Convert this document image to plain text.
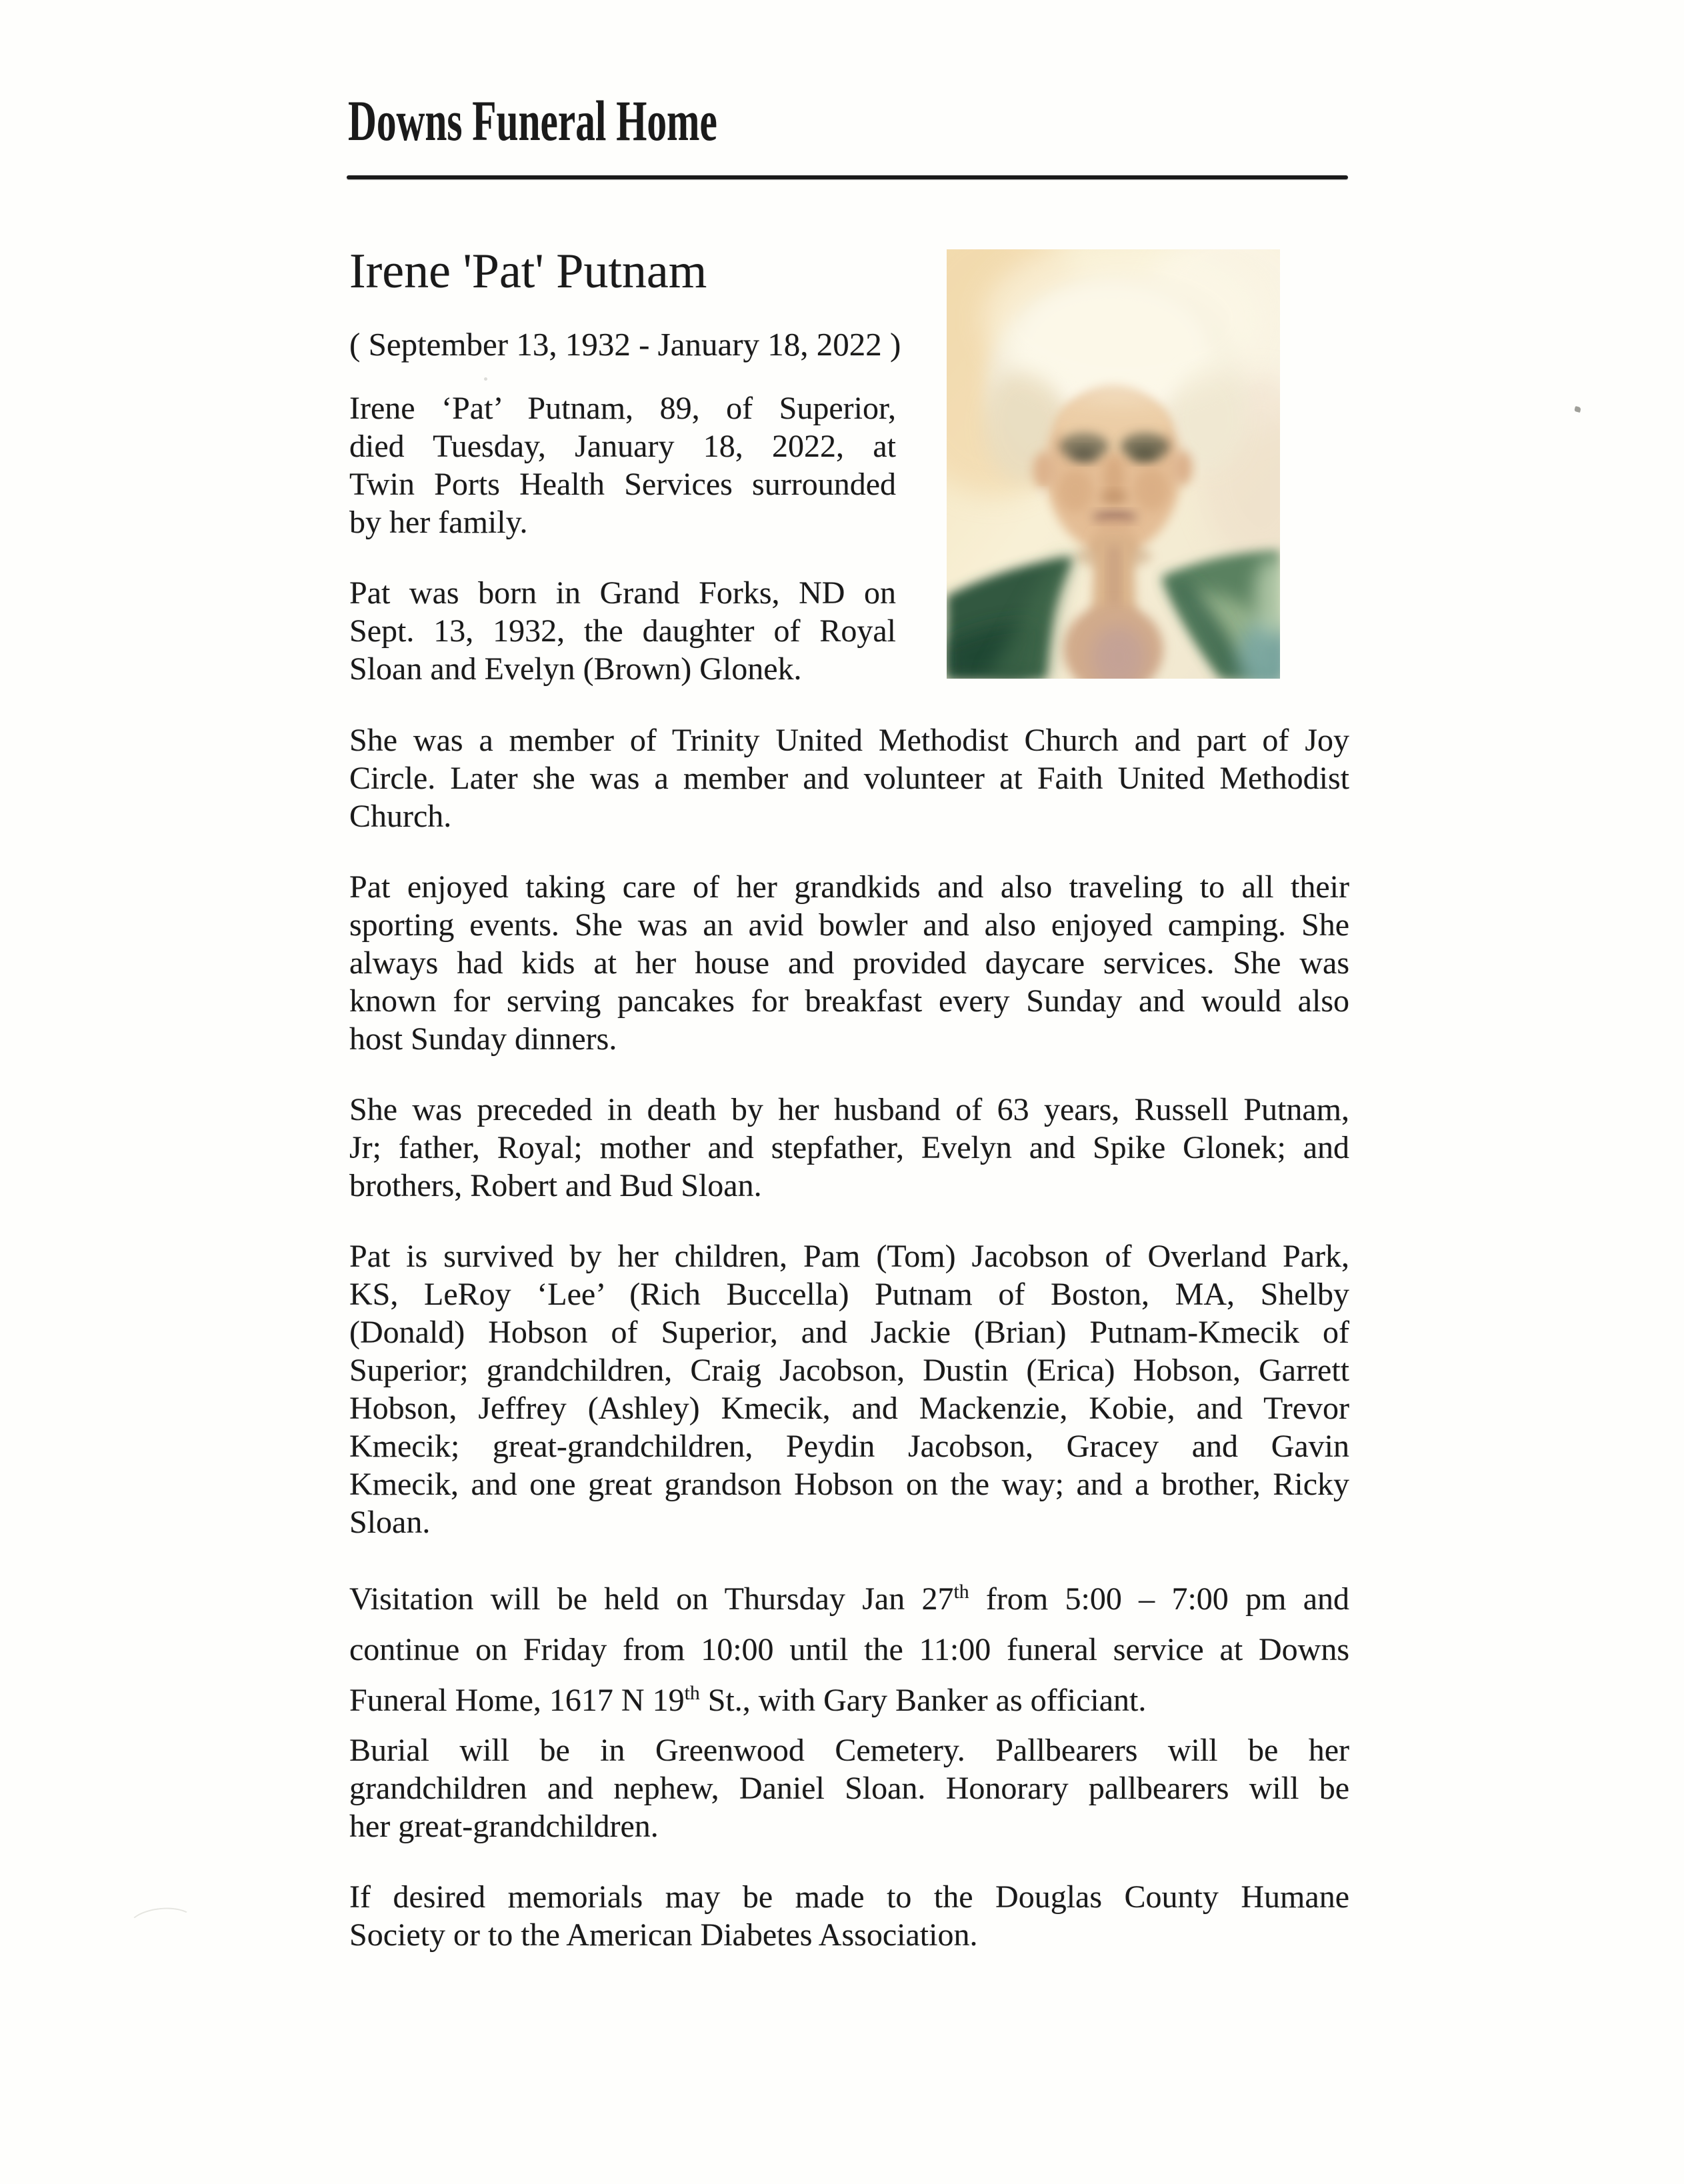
Downs Funeral Home
Irene 'Pat' Putnam
( September 13, 1932 - January 18, 2022 )

Irene ‘Pat’ Putnam, 89, of Superior,
died Tuesday, January 18, 2022, at
Twin Ports Health Services surrounded
by her family.

Pat was born in Grand Forks, ND on
Sept. 13, 1932, the daughter of Royal
Sloan and Evelyn (Brown) Glonek.

She was a member of Trinity United Methodist Church and part of Joy
Circle. Later she was a member and volunteer at Faith United Methodist
Church.

Pat enjoyed taking care of her grandkids and also traveling to all their
sporting events. She was an avid bowler and also enjoyed camping. She
always had kids at her house and provided daycare services. She was
known for serving pancakes for breakfast every Sunday and would also
host Sunday dinners.

She was preceded in death by her husband of 63 years, Russell Putnam,
Jr; father, Royal; mother and stepfather, Evelyn and Spike Glonek; and
brothers, Robert and Bud Sloan.

Pat is survived by her children, Pam (Tom) Jacobson of Overland Park,
KS, LeRoy ‘Lee’ (Rich Buccella) Putnam of Boston, MA, Shelby
(Donald) Hobson of Superior, and Jackie (Brian) Putnam-Kmecik of
Superior; grandchildren, Craig Jacobson, Dustin (Erica) Hobson, Garrett
Hobson, Jeffrey (Ashley) Kmecik, and Mackenzie, Kobie, and Trevor
Kmecik; great-grandchildren, Peydin Jacobson, Gracey and Gavin
Kmecik, and one great grandson Hobson on the way; and a brother, Ricky
Sloan.

Visitation will be held on Thursday Jan 27th from 5:00 – 7:00 pm and
continue on Friday from 10:00 until the 11:00 funeral service at Downs
Funeral Home, 1617 N 19th St., with Gary Banker as officiant.

Burial will be in Greenwood Cemetery. Pallbearers will be her
grandchildren and nephew, Daniel Sloan. Honorary pallbearers will be
her great-grandchildren.

If desired memorials may be made to the Douglas County Humane
Society or to the American Diabetes Association.
